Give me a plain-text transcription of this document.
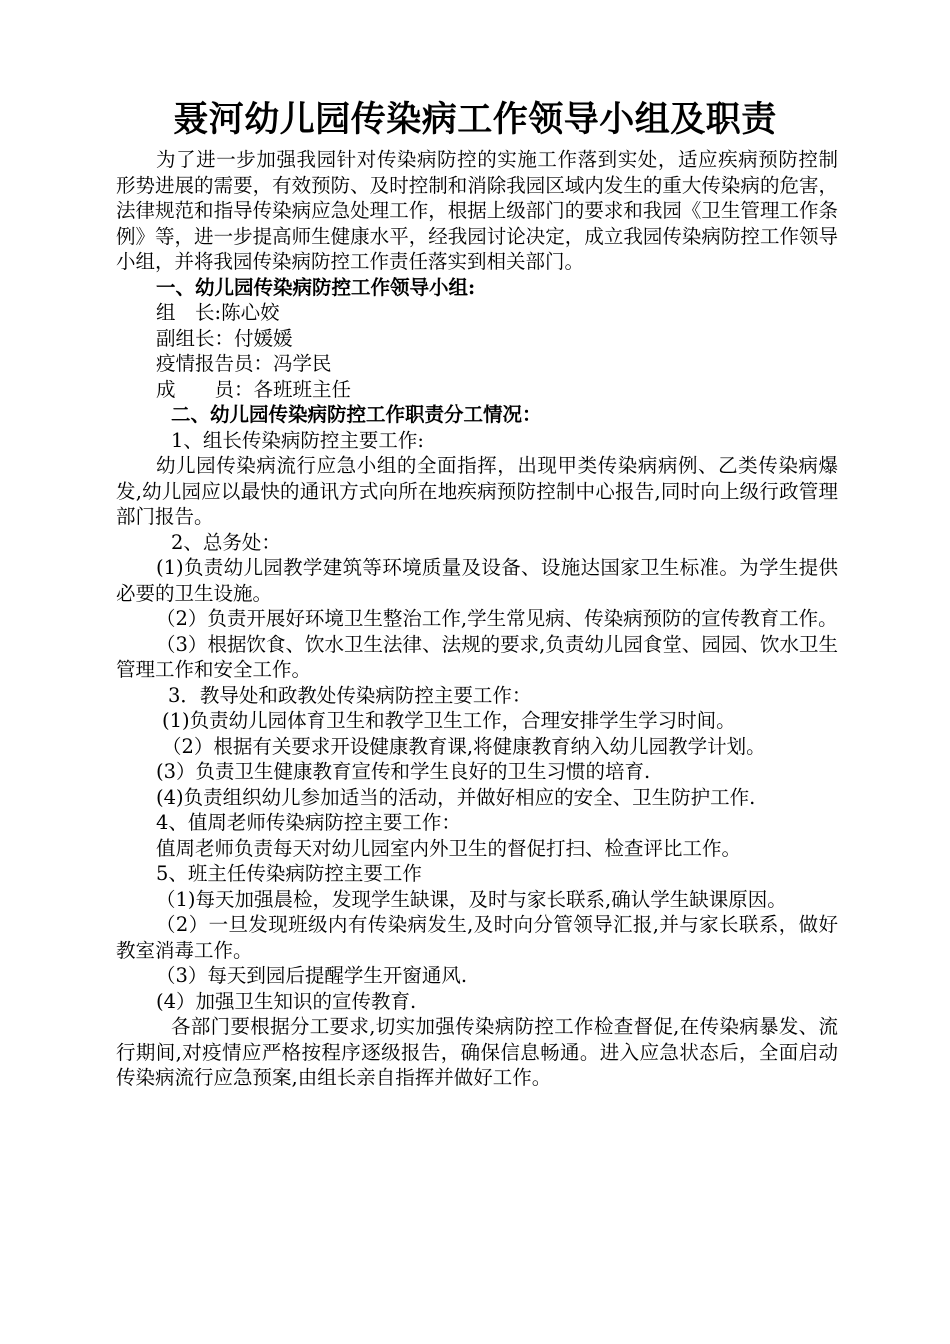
聂河幼儿园传染病工作领导小组及职责

为了进一步加强我园针对传染病防控的实施工作落到实处，适应疾病预防控制形势进展的需要，有效预防、及时控制和消除我园区域内发生的重大传染病的危害，法律规范和指导传染病应急处理工作，根据上级部门的要求和我园《卫生管理工作条例》等，进一步提高师生健康水平，经我园讨论决定，成立我园传染病防控工作领导小组，并将我园传染病防控工作责任落实到相关部门。

一、幼儿园传染病防控工作领导小组:

组　长:陈心姣

副组长：付媛媛

疫情报告员：冯学民

成　　员：各班班主任

二、幼儿园传染病防控工作职责分工情况：

1、组长传染病防控主要工作:

幼儿园传染病流行应急小组的全面指挥，出现甲类传染病病例、乙类传染病爆发,幼儿园应以最快的通讯方式向所在地疾病预防控制中心报告,同时向上级行政管理部门报告。

2、总务处：

(1)负责幼儿园教学建筑等环境质量及设备、设施达国家卫生标准。为学生提供必要的卫生设施。

（2）负责开展好环境卫生整治工作,学生常见病、传染病预防的宣传教育工作。

（3）根据饮食、饮水卫生法律、法规的要求,负责幼儿园食堂、园园、饮水卫生管理工作和安全工作。

3．教导处和政教处传染病防控主要工作：

(1)负责幼儿园体育卫生和教学卫生工作，合理安排学生学习时间。

（2）根据有关要求开设健康教育课,将健康教育纳入幼儿园教学计划。

(3）负责卫生健康教育宣传和学生良好的卫生习惯的培育.

(4)负责组织幼儿参加适当的活动，并做好相应的安全、卫生防护工作.

4、值周老师传染病防控主要工作：

值周老师负责每天对幼儿园室内外卫生的督促打扫、检查评比工作。

5、班主任传染病防控主要工作

（1)每天加强晨检，发现学生缺课，及时与家长联系,确认学生缺课原因。

（2）一旦发现班级内有传染病发生,及时向分管领导汇报,并与家长联系，做好教室消毒工作。

（3）每天到园后提醒学生开窗通风.

(4）加强卫生知识的宣传教育.

各部门要根据分工要求,切实加强传染病防控工作检查督促,在传染病暴发、流行期间,对疫情应严格按程序逐级报告，确保信息畅通。进入应急状态后，全面启动传染病流行应急预案,由组长亲自指挥并做好工作。
